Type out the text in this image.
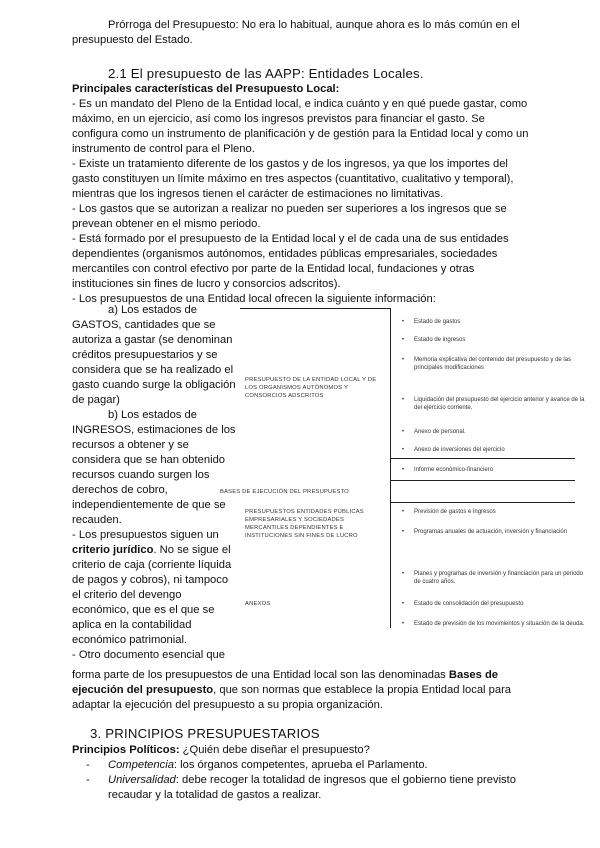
Prórroga del Presupuesto: No era lo habitual, aunque ahora es lo más común en el
presupuesto del Estado.
2.1 El presupuesto de las AAPP: Entidades Locales.
Principales características del Presupuesto Local:
- Es un mandato del Pleno de la Entidad local, e indica cuánto y en qué puede gastar, como máximo, en un ejercicio, así como los ingresos previstos para financiar el gasto. Se configura como un instrumento de planificación y de gestión para la Entidad local y como un instrumento de control para el Pleno.
- Existe un tratamiento diferente de los gastos y de los ingresos, ya que los importes del gasto constituyen un límite máximo en tres aspectos (cuantitativo, cualitativo y temporal), mientras que los ingresos tienen el carácter de estimaciones no limitativas.
- Los gastos que se autorizan a realizar no pueden ser superiores a los ingresos que se prevean obtener en el mismo periodo.
- Está formado por el presupuesto de la Entidad local y el de cada una de sus entidades dependientes (organismos autónomos, entidades públicas empresariales, sociedades mercantiles con control efectivo por parte de la Entidad local, fundaciones y otras instituciones sin fines de lucro y consorcios adscritos).
- Los presupuestos de una Entidad local ofrecen la siguiente información:
a) Los estados de
GASTOS, cantidades que se autoriza a gastar (se denominan créditos presupuestarios y se considera que se ha realizado el gasto cuando surge la obligación de pagar)
b) Los estados de
INGRESOS, estimaciones de los recursos a obtener y se considera que se han obtenido recursos cuando surgen los derechos de cobro, independientemente de que se recauden.
- Los presupuestos siguen un criterio jurídico. No se sigue el criterio de caja (corriente líquida de pagos y cobros), ni tampoco el criterio del devengo económico, que es el que se aplica en la contabilidad económico patrimonial.
- Otro documento esencial que
PRESUPUESTO DE LA ENTIDAD LOCAL Y DE LOS ORGANISMOS AUTÓNOMOS Y CONSORCIOS ADSCRITOS
• Estado de gastos
• Estado de ingresos
• Memoria explicativa del contenido del presupuesto y de las principales modificaciones
• Liquidación del presupuesto del ejercicio anterior y avance de la del ejercicio corriente.
• Anexo de personal.
• Anexo de inversiones del ejercicio
• Informe económico-financiero
BASES DE EJECUCIÓN DEL PRESUPUESTO
PRESUPUESTOS ENTIDADES PÚBLICAS EMPRESARIALES Y SOCIEDADES MERCANTILES DEPENDIENTES E INSTITUCIONES SIN FINES DE LUCRO
• Previsión de gastos e ingresos
• Programas anuales de actuación, inversión y financiación
• Planes y programas de inversión y financiación para un periodo de cuatro años.
ANEXOS
•	Estado de consolidación del presupuesto
• Estado de previsión de los movimientos y situación de la deuda.
forma parte de los presupuestos de una Entidad local son las denominadas Bases de ejecución del presupuesto, que son normas que establece la propia Entidad local para adaptar la ejecución del presupuesto a su propia organización.
3. PRINCIPIOS PRESUPUESTARIOS
Principios Políticos: ¿Quién debe diseñar el presupuesto?
- Competencia: los órganos competentes, aprueba el Parlamento.
- Universalidad: debe recoger la totalidad de ingresos que el gobierno tiene previsto recaudar y la totalidad de gastos a realizar.
